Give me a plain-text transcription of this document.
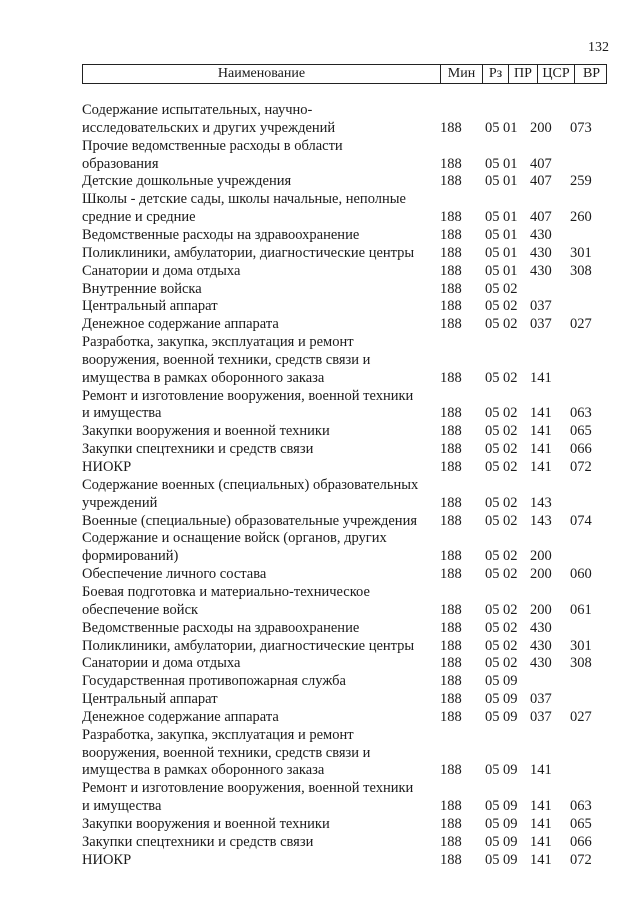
132
Наименование	Мин Рз ПР ЦСР ВР
Содержание испытательных, научно-
исследовательских и других учреждений	188 05 01 200 073
Прочие ведомственные расходы в области
образования	188 05 01 407
Детские дошкольные учреждения	188 05 01 407 259
Школы - детские сады, школы начальные, неполные
средние и средние	188 05 01 407 260
Ведомственные расходы на здравоохранение	188 05 01 430
Поликлиники, амбулатории, диагностические центры 188 05 01 430 301
Санатории и дома отдыха	188 05 01 430 308
Внутренние войска	188 05 02
Центральный аппарат	188 05 02 037
Денежное содержание аппарата	188 05 02 037 027
Разработка, закупка, эксплуатация и ремонт
вооружения, военной техники, средств связи и
имущества в рамках оборонного заказа	188 05 02 141
Ремонт и изготовление вооружения, военной техники
и имущества	188 05 02 141 063
Закупки вооружения и военной техники	188 05 02 141 065
Закупки спецтехники и средств связи	188 05 02 141 066
НИОКР	188 05 02 141 072
Содержание военных (специальных) образовательных
учреждений	188 05 02 143
Военные (специальные) образовательные учреждения 188 05 02 143 074
Содержание и оснащение войск (органов, других
формирований)	188 05 02 200
Обеспечение личного состава	188 05 02 200 060
Боевая подготовка и материально-техническое
обеспечение войск	188 05 02 200 061
Ведомственные расходы на здравоохранение	188 05 02 430
Поликлиники, амбулатории, диагностические центры 188 05 02 430 301
Санатории и дома отдыха	188 05 02 430 308
Государственная противопожарная служба	188 05 09
Центральный аппарат	188 05 09 037
Денежное содержание аппарата	188 05 09 037 027
Разработка, закупка, эксплуатация и ремонт
вооружения, военной техники, средств связи и
имущества в рамках оборонного заказа	188 05 09 141
Ремонт и изготовление вооружения, военной техники
и имущества	188 05 09 141 063
Закупки вооружения и военной техники	188 05 09 141 065
Закупки спецтехники и средств связи	188 05 09 141 066
НИОКР	188 05 09 141 072
